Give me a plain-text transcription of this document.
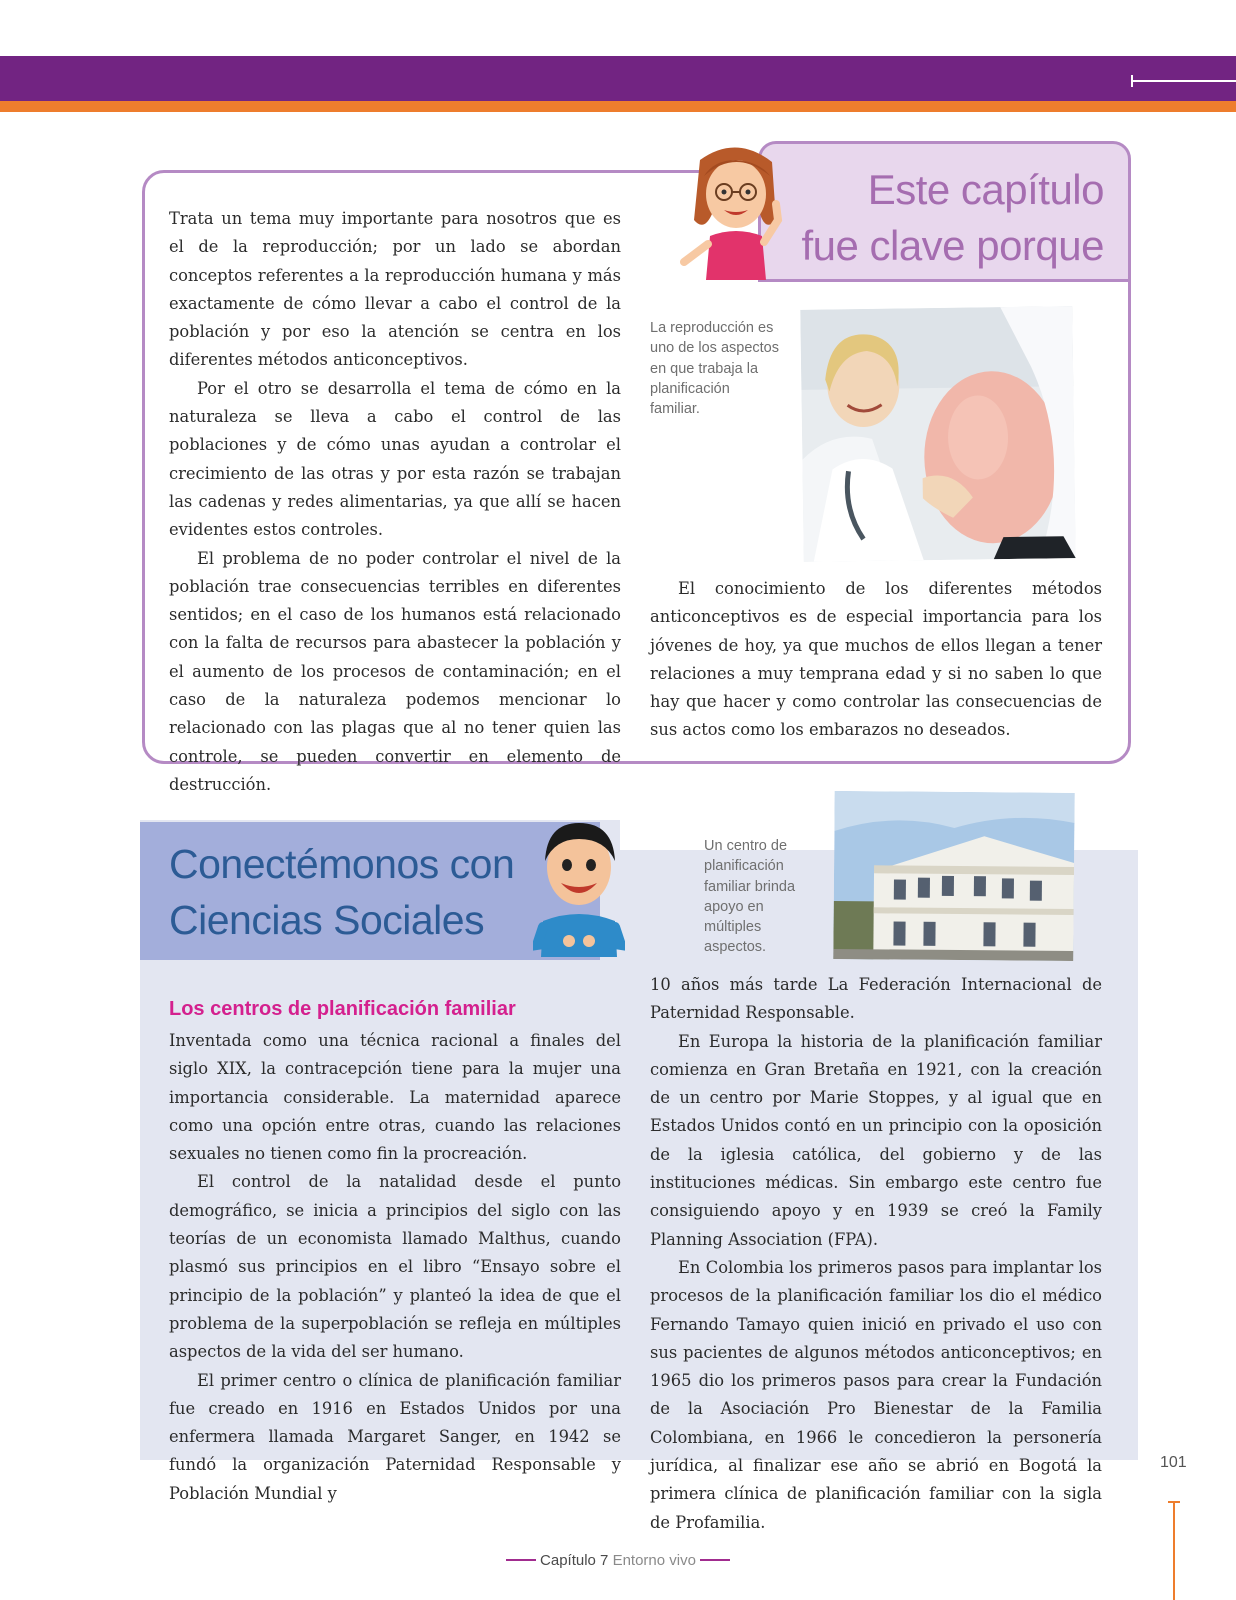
Este capítulo
fue clave porque

Trata un tema muy importante para nosotros que es el de la reproducción; por un lado se abordan conceptos referentes a la reproducción humana y más exactamente de cómo llevar a cabo el control de la población y por eso la atención se centra en los diferentes métodos anticonceptivos.

Por el otro se desarrolla el tema de cómo en la naturaleza se lleva a cabo el control de las poblaciones y de cómo unas ayudan a controlar el crecimiento de las otras y por esta razón se trabajan las cadenas y redes alimentarias, ya que allí se hacen evidentes estos controles.

El problema de no poder controlar el nivel de la población trae consecuencias terribles en diferentes sentidos; en el caso de los humanos está relacionado con la falta de recursos para abastecer la población y el aumento de los procesos de contaminación; en el caso de la naturaleza podemos mencionar lo relacionado con las plagas que al no tener quien las controle, se pueden convertir en elemento de destrucción.

La reproducción es uno de los aspectos en que trabaja la planificación familiar.

El conocimiento de los diferentes métodos anticonceptivos es de especial importancia para los jóvenes de hoy, ya que muchos de ellos llegan a tener relaciones a muy temprana edad y si no saben lo que hay que hacer y como controlar las consecuencias de sus actos como los embarazos no deseados.

Conectémonos con
Ciencias Sociales
Un centro de planificación familiar brinda apoyo en múltiples aspectos.
Los centros de planificación familiar

Inventada como una técnica racional a finales del siglo XIX, la contracepción tiene para la mujer una importancia considerable. La maternidad aparece como una opción entre otras, cuando las relaciones sexuales no tienen como fin la procreación.

El control de la natalidad desde el punto demográfico, se inicia a principios del siglo con las teorías de un economista llamado Malthus, cuando plasmó sus principios en el libro “Ensayo sobre el principio de la población” y planteó la idea de que el problema de la superpoblación se refleja en múltiples aspectos de la vida del ser humano.

El primer centro o clínica de planificación familiar fue creado en 1916 en Estados Unidos por una enfermera llamada Margaret Sanger, en 1942 se fundó la organización Paternidad Responsable y Población Mundial y

10 años más tarde La Federación Internacional de Paternidad Responsable.

En Europa la historia de la planificación familiar comienza en Gran Bretaña en 1921, con la creación de un centro por Marie Stoppes, y al igual que en Estados Unidos contó en un principio con la oposición de la iglesia católica, del gobierno y de las instituciones médicas. Sin embargo este centro fue consiguiendo apoyo y en 1939 se creó la Family Planning Association (FPA).

En Colombia los primeros pasos para implantar los procesos de la planificación familiar los dio el médico Fernando Tamayo quien inició en privado el uso con sus pacientes de algunos métodos anticonceptivos; en 1965 dio los primeros pasos para crear la Fundación de la Asociación Pro Bienestar de la Familia Colombiana, en 1966 le concedieron la personería jurídica, al finalizar ese año se abrió en Bogotá la primera clínica de planificación familiar con la sigla de Profamilia.

101
Capítulo 7 Entorno vivo
